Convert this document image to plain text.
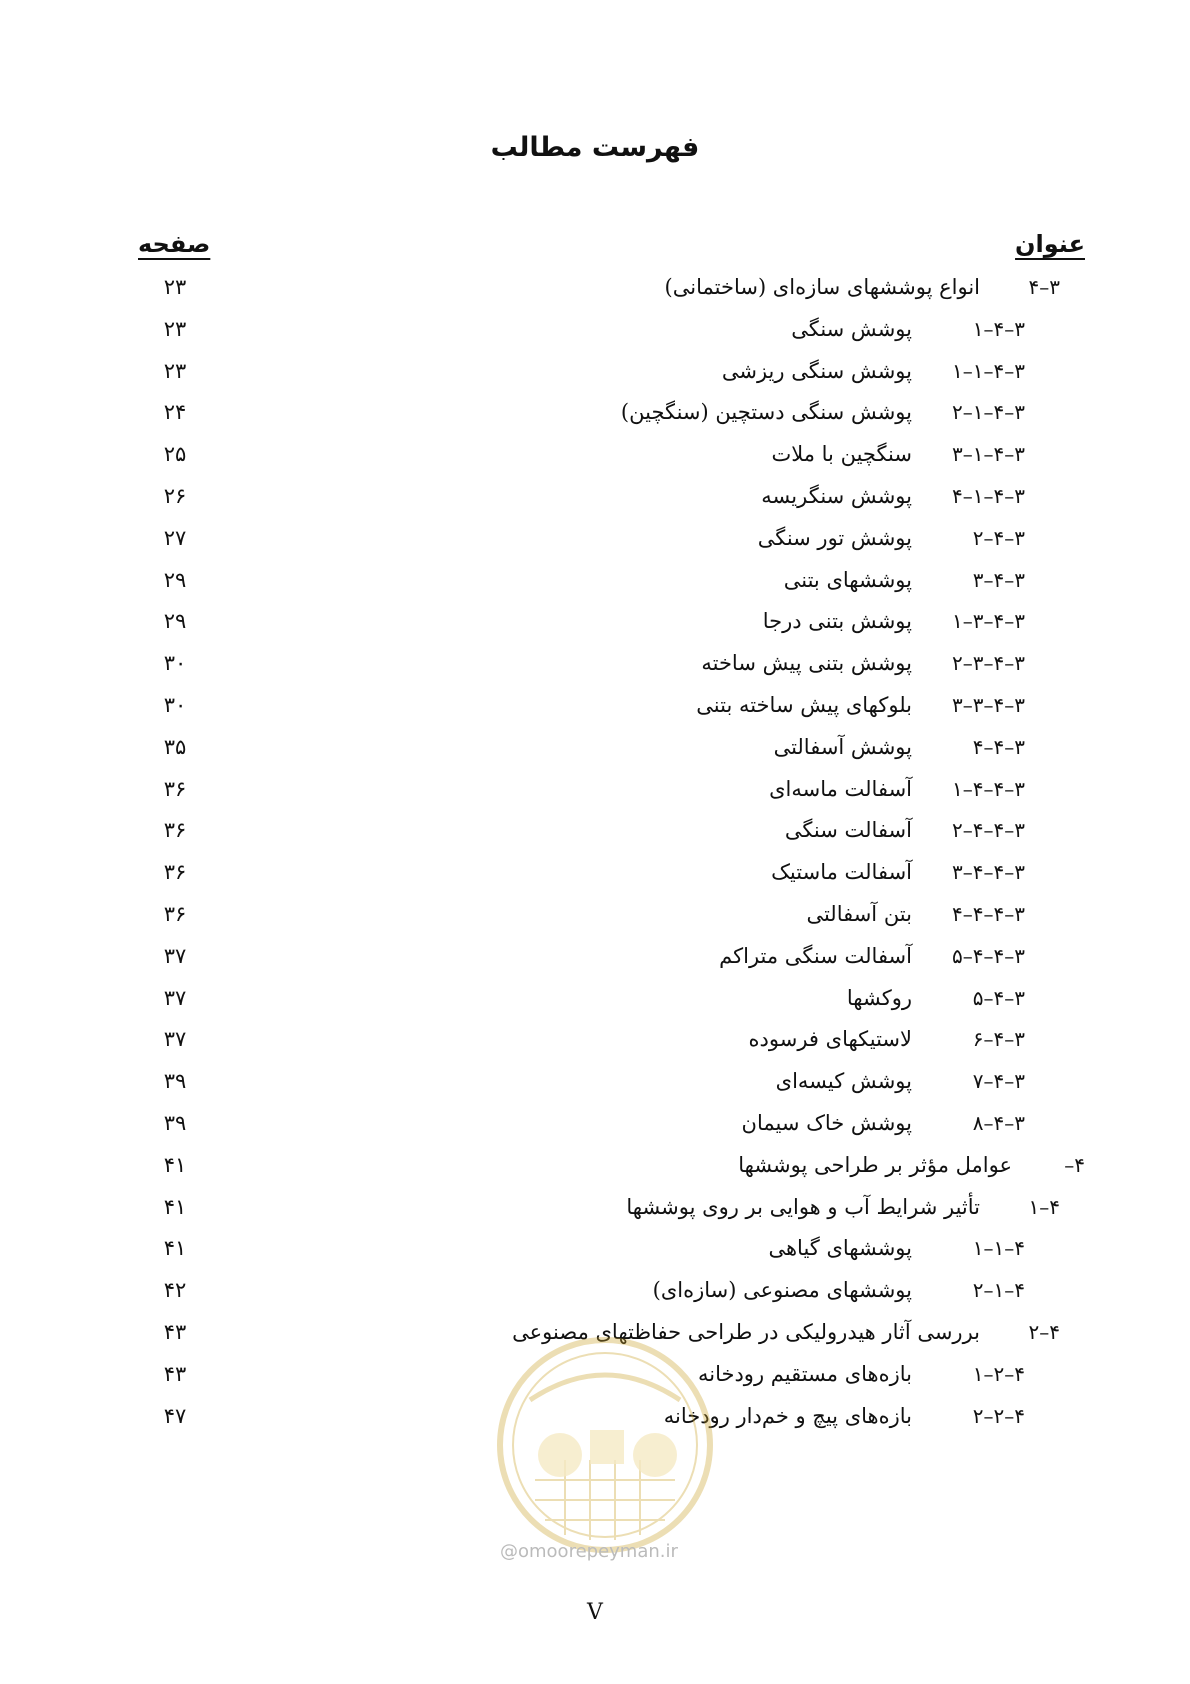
فهرست مطالب
عنوان
صفحه
۳–۴
انواع پوششهای سازه‌ای (ساختمانی)
۲۳
۳–۴–۱
پوشش سنگی
۲۳
۳–۴–۱–۱
پوشش سنگی ریزشی
۲۳
۳–۴–۱–۲
پوشش سنگی دستچین (سنگچین)
۲۴
۳–۴–۱–۳
سنگچین با ملات
۲۵
۳–۴–۱–۴
پوشش سنگریسه
۲۶
۳–۴–۲
پوشش تور سنگی
۲۷
۳–۴–۳
پوششهای بتنی
۲۹
۳–۴–۳–۱
پوشش بتنی درجا
۲۹
۳–۴–۳–۲
پوشش بتنی پیش ساخته
۳۰
۳–۴–۳–۳
بلوکهای پیش ساخته بتنی
۳۰
۳–۴–۴
پوشش آسفالتی
۳۵
۳–۴–۴–۱
آسفالت ماسه‌ای
۳۶
۳–۴–۴–۲
آسفالت سنگی
۳۶
۳–۴–۴–۳
آسفالت ماستیک
۳۶
۳–۴–۴–۴
بتن آسفالتی
۳۶
۳–۴–۴–۵
آسفالت سنگی متراکم
۳۷
۳–۴–۵
روکشها
۳۷
۳–۴–۶
لاستیکهای فرسوده
۳۷
۳–۴–۷
پوشش کیسه‌ای
۳۹
۳–۴–۸
پوشش خاک سیمان
۳۹
۴–
عوامل مؤثر بر طراحی پوششها
۴۱
۴–۱
تأثیر شرایط آب و هوایی بر روی پوششها
۴۱
۴–۱–۱
پوششهای گیاهی
۴۱
۴–۱–۲
پوششهای مصنوعی (سازه‌ای)
۴۲
۴–۲
بررسی آثار هیدرولیکی در طراحی حفاظتهای مصنوعی
۴۳
۴–۲–۱
بازه‌های مستقیم رودخانه
۴۳
۴–۲–۲
بازه‌های پیچ و خم‌دار رودخانه
۴۷
@omoorepeyman.ir
V
